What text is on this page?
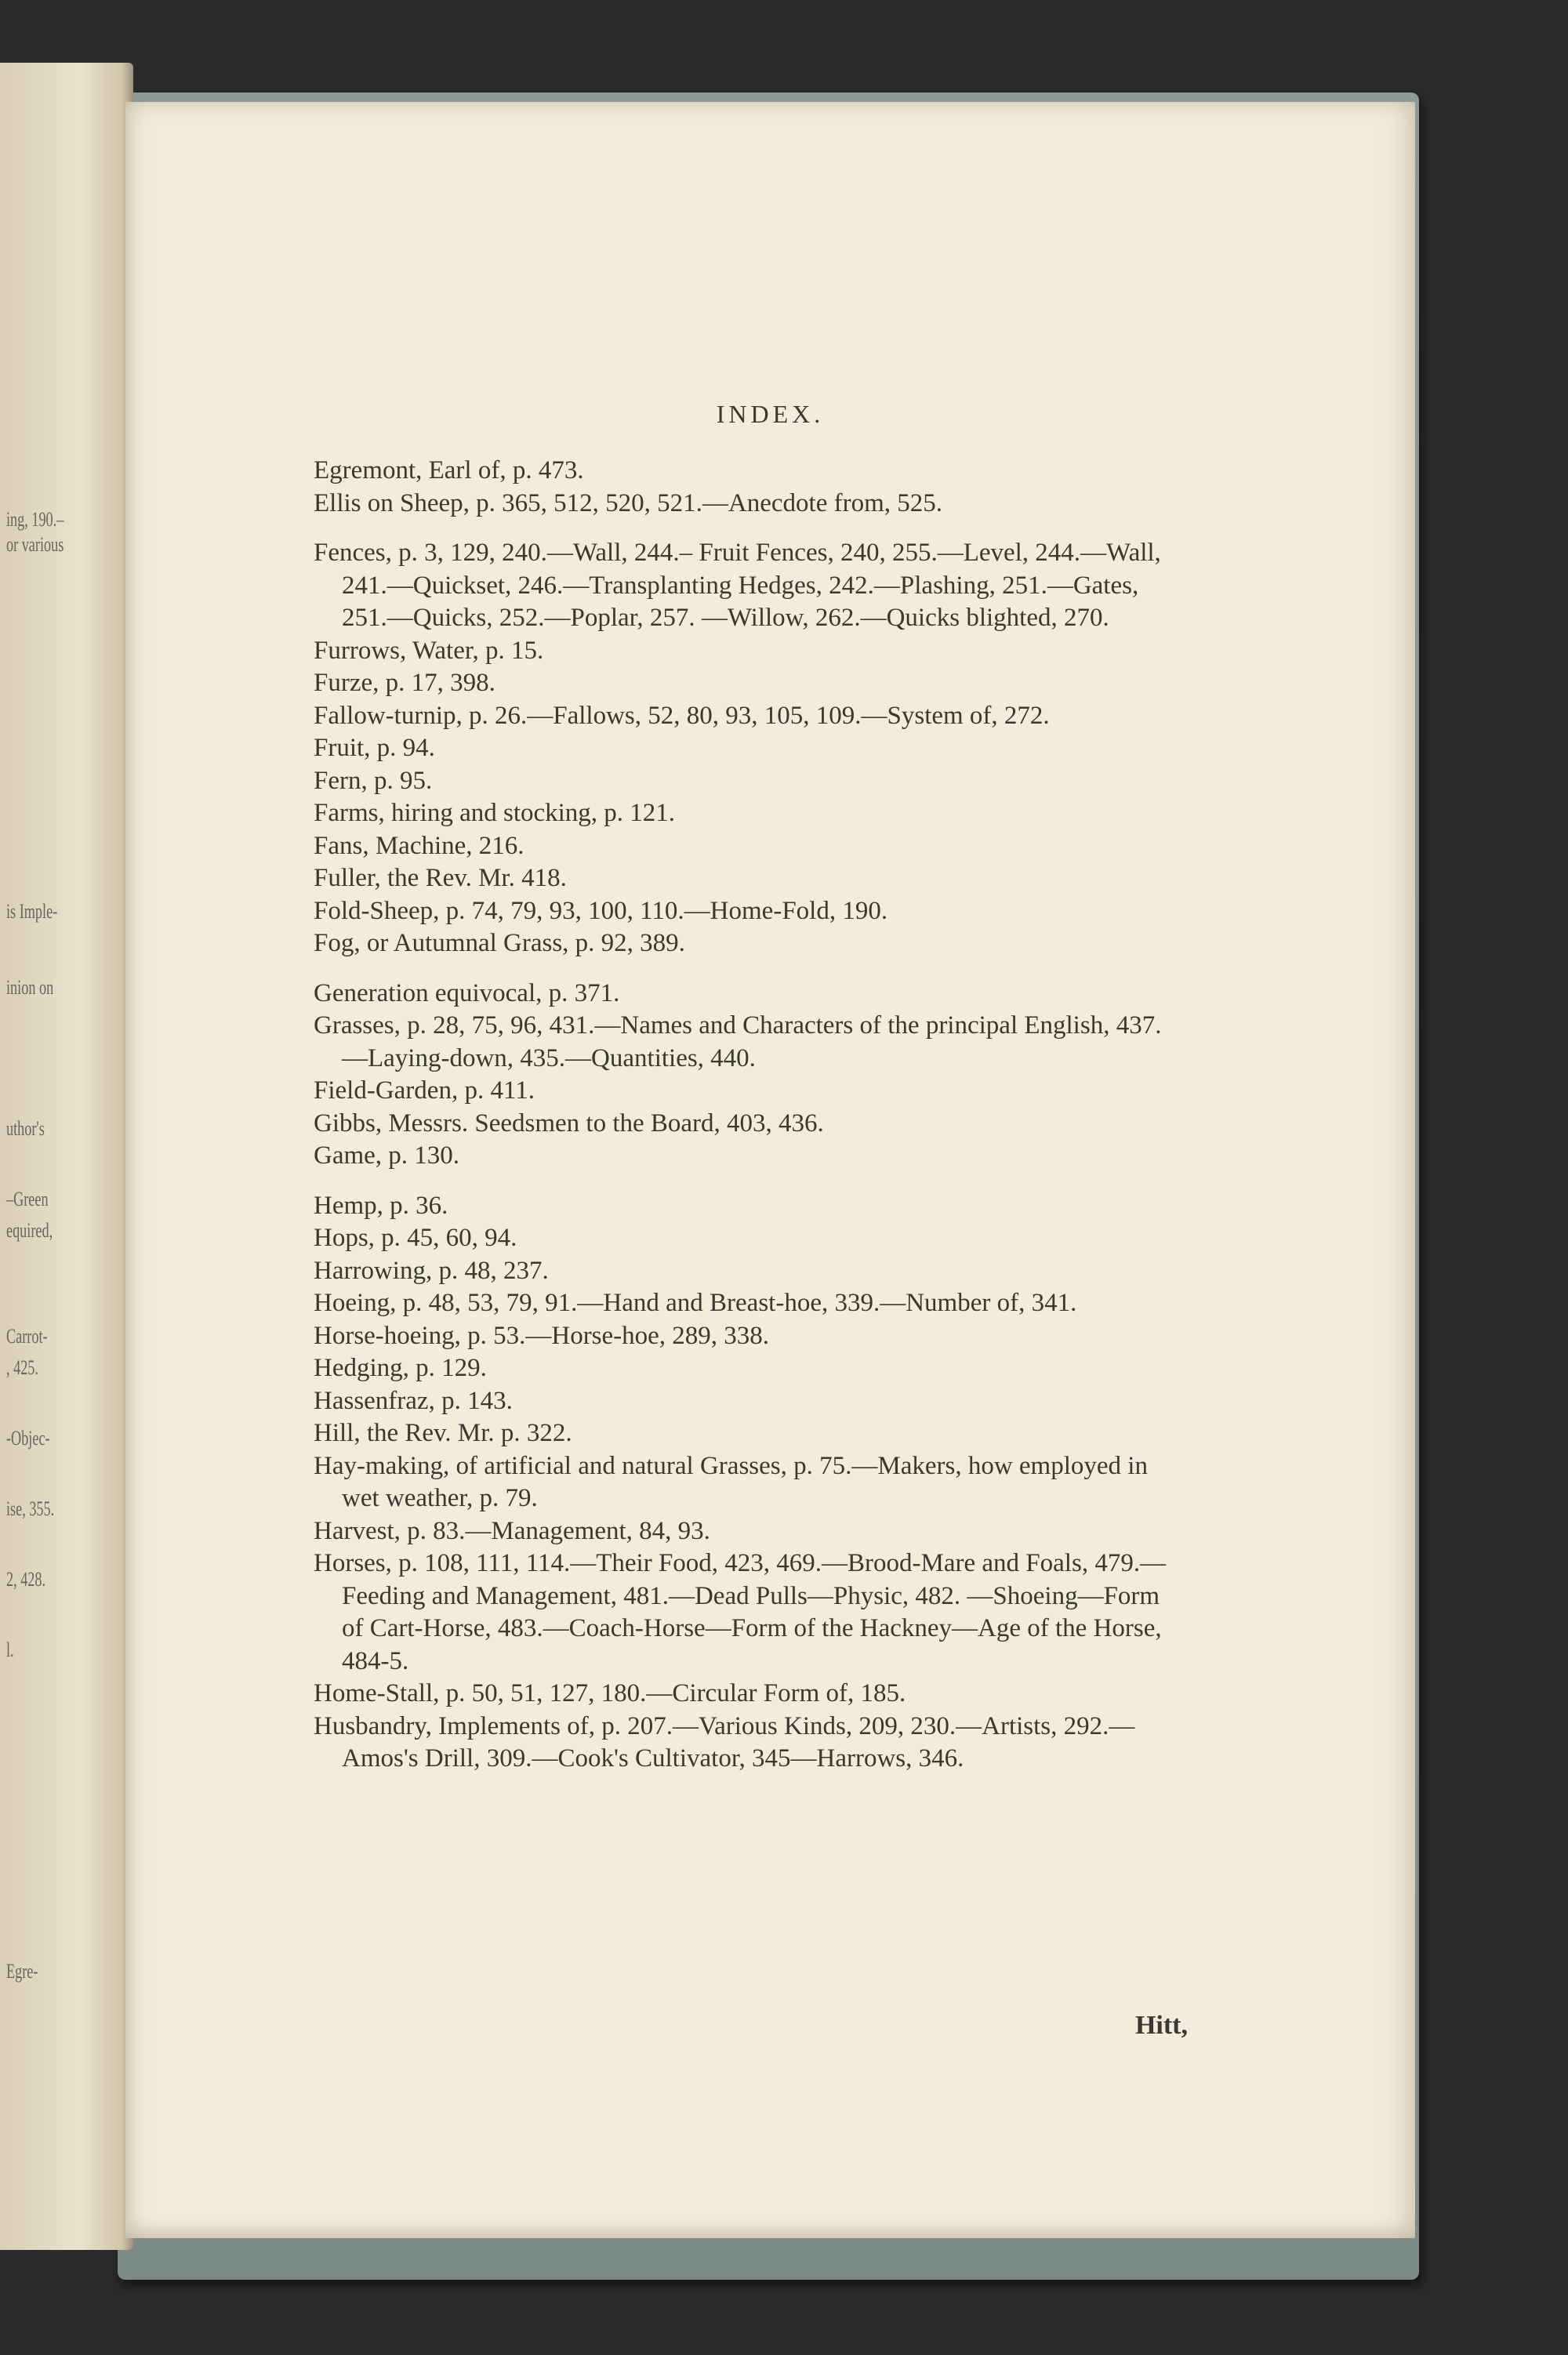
ing, 190.–
or various
is Imple-
inion on
uthor's
–Green
equired,
Carrot-
, 425.
-Objec-
ise, 355.
2, 428.
l.
Egre-
INDEX.
Egremont, Earl of, p. 473.
Ellis on Sheep, p. 365, 512, 520, 521.—Anecdote from, 525.
Fences, p. 3, 129, 240.—Wall, 244.– Fruit Fences, 240, 255.—Level, 244.—Wall, 241.—Quickset, 246.—Transplanting Hedges, 242.—Plashing, 251.—Gates, 251.—Quicks, 252.—Poplar, 257. —Willow, 262.—Quicks blighted, 270.
Furrows, Water, p. 15.
Furze, p. 17, 398.
Fallow-turnip, p. 26.—Fallows, 52, 80, 93, 105, 109.—System of, 272.
Fruit, p. 94.
Fern, p. 95.
Farms, hiring and stocking, p. 121.
Fans, Machine, 216.
Fuller, the Rev. Mr. 418.
Fold-Sheep, p. 74, 79, 93, 100, 110.—Home-Fold, 190.
Fog, or Autumnal Grass, p. 92, 389.
Generation equivocal, p. 371.
Grasses, p. 28, 75, 96, 431.—Names and Characters of the principal English, 437.—Laying-down, 435.—Quantities, 440.
Field-Garden, p. 411.
Gibbs, Messrs. Seedsmen to the Board, 403, 436.
Game, p. 130.
Hemp, p. 36.
Hops, p. 45, 60, 94.
Harrowing, p. 48, 237.
Hoeing, p. 48, 53, 79, 91.—Hand and Breast-hoe, 339.—Number of, 341.
Horse-hoeing, p. 53.—Horse-hoe, 289, 338.
Hedging, p. 129.
Hassenfraz, p. 143.
Hill, the Rev. Mr. p. 322.
Hay-making, of artificial and natural Grasses, p. 75.—Makers, how employed in wet weather, p. 79.
Harvest, p. 83.—Management, 84, 93.
Horses, p. 108, 111, 114.—Their Food, 423, 469.—Brood-Mare and Foals, 479.—Feeding and Management, 481.—Dead Pulls—Physic, 482. —Shoeing—Form of Cart-Horse, 483.—Coach-Horse—Form of the Hackney—Age of the Horse, 484-5.
Home-Stall, p. 50, 51, 127, 180.—Circular Form of, 185.
Husbandry, Implements of, p. 207.—Various Kinds, 209, 230.—Artists, 292.—Amos's Drill, 309.—Cook's Cultivator, 345—Harrows, 346.
Hitt,
